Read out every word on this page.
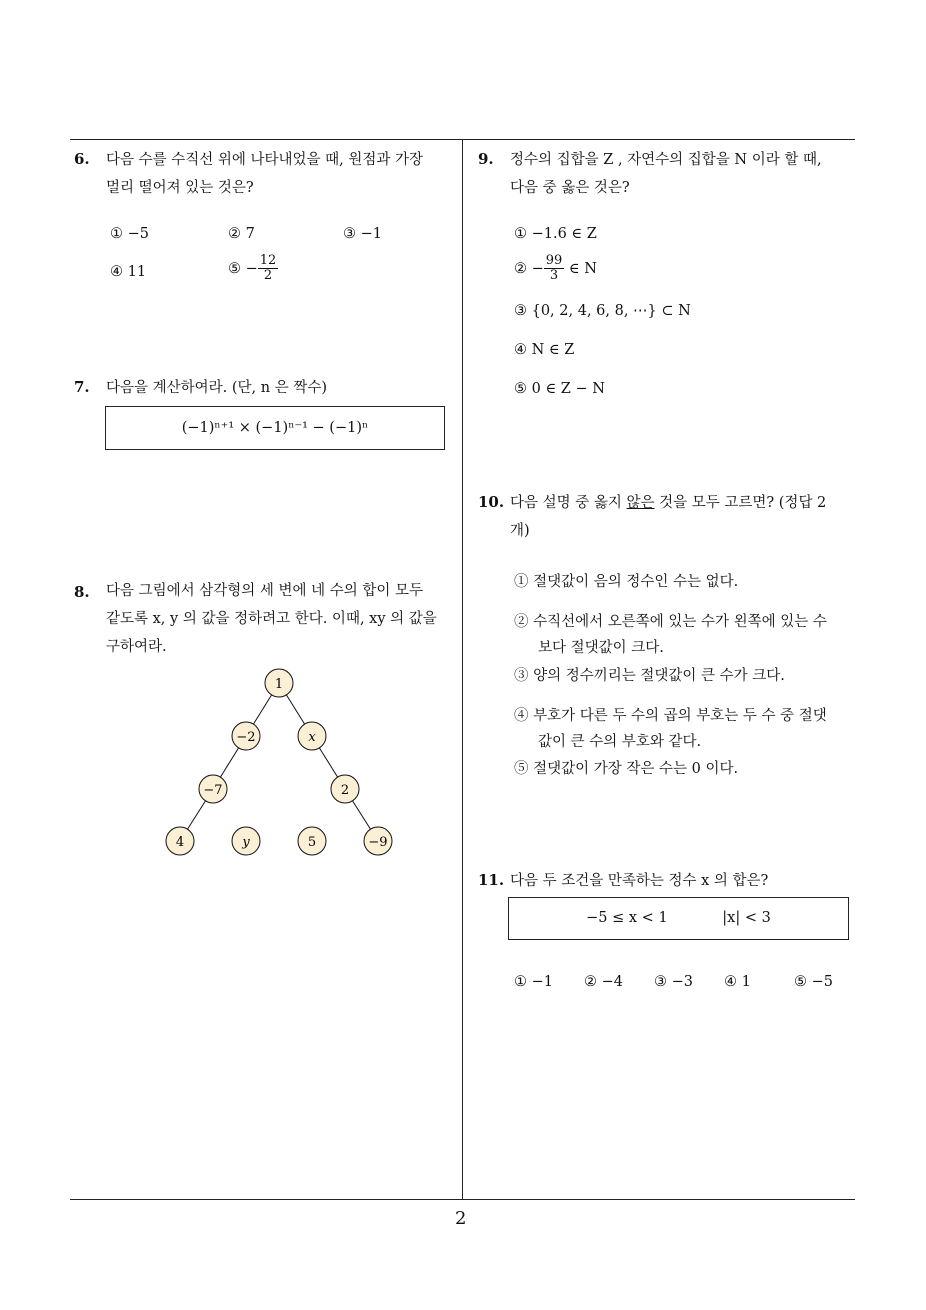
2
6. 다음 수를 수직선 위에 나타내었을 때, 원점과 가장
멀리 떨어져 있는 것은?
① −5	② 7	③ −1
④ 11	⑤ − $\frac{12}{2}$
7. 다음을 계산하여라. (단, n 은 짝수)
(−1)ⁿ⁺¹ × (−1)ⁿ⁻¹ − (−1)ⁿ
8. 다음 그림에서 삼각형의 세 변에 네 수의 합이 모두
같도록 x, y 의 값을 정하려고 한다. 이때, xy 의 값을
구하여라.
1
−2	x
−7	2
4	y	5	−9
9. 정수의 집합을 Z , 자연수의 집합을 N 이라 할 때,
다음 중 옳은 것은?
① −1.6 ∈ Z
② − $\frac{99}{3}$ ∈ N
③ {0, 2, 4, 6, 8, ⋯} ⊂ N
④ N ∈ Z
⑤ 0 ∈ Z − N
10. 다음 설명 중 옳지 않은 것을 모두 고르면? (정답 2
개)
① 절댓값이 음의 정수인 수는 없다.
② 수직선에서 오른쪽에 있는 수가 왼쪽에 있는 수
보다 절댓값이 크다.
③ 양의 정수끼리는 절댓값이 큰 수가 크다.
④ 부호가 다른 두 수의 곱의 부호는 두 수 중 절댓
값이 큰 수의 부호와 같다.
⑤ 절댓값이 가장 작은 수는 0 이다.
11. 다음 두 조건을 만족하는 정수 x 의 합은?
−5 ≤ x < 1	|x| < 3
① −1 ② −4 ③ −3 ④ 1	⑤ −5
